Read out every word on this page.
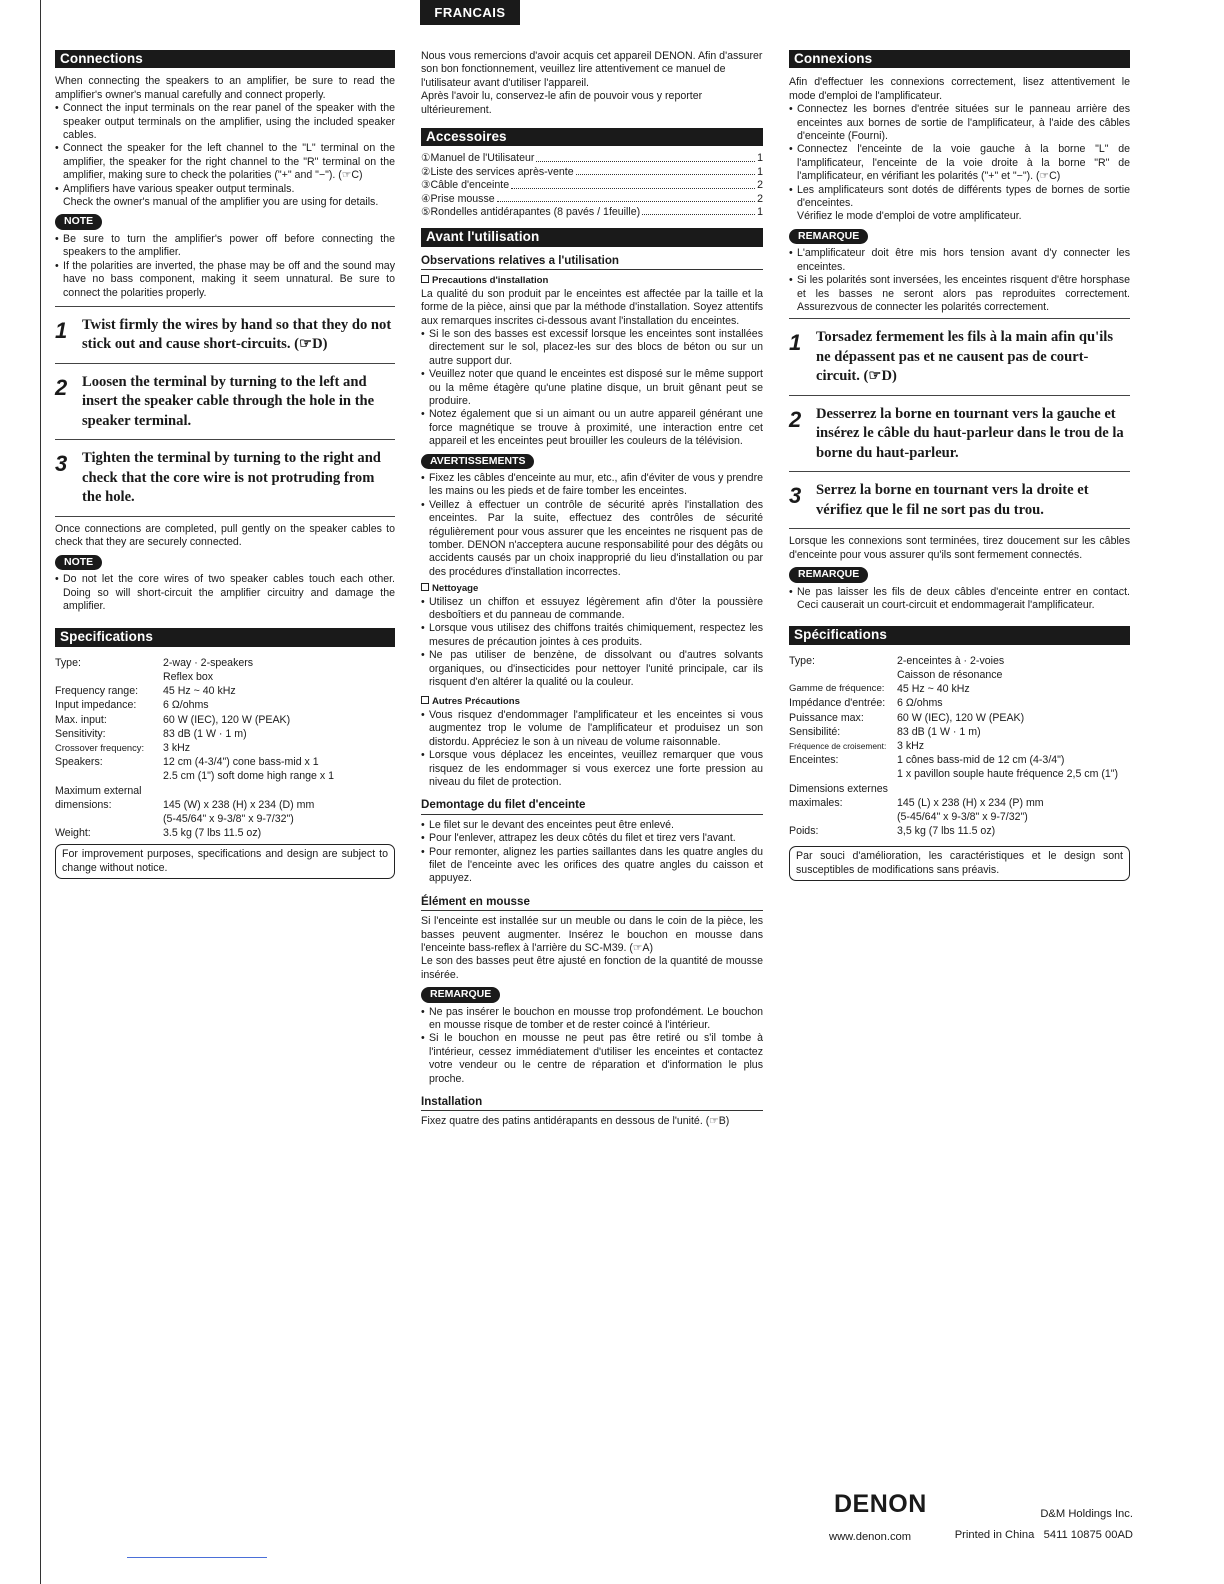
FRANCAIS
Connections

When connecting the speakers to an amplifier, be sure to read the amplifier's owner's manual carefully and connect properly.

• Connect the input terminals on the rear panel of the speaker with the speaker output terminals on the amplifier, using the included speaker cables.
• Connect the speaker for the left channel to the "L" terminal on the amplifier, the speaker for the right channel to the "R" terminal on the amplifier, making sure to check the polarities ("+" and "−"). (☞C)
• Amplifiers have various speaker output terminals.
Check the owner's manual of the amplifier you are using for details.
NOTE
• Be sure to turn the amplifier's power off before connecting the speakers to the amplifier.
• If the polarities are inverted, the phase may be off and the sound may have no bass component, making it seem unnatural. Be sure to connect the polarities properly.
1	Twist firmly the wires by hand so that they do not stick out and cause short-circuits. (☞D)
2	Loosen the terminal by turning to the left and insert the speaker cable through the hole in the speaker terminal.
3	Tighten the terminal by turning to the right and check that the core wire is not protruding from the hole.

Once connections are completed, pull gently on the speaker cables to check that they are securely connected.

NOTE
• Do not let the core wires of two speaker cables touch each other. Doing so will short-circuit the amplifier circuitry and damage the amplifier.
Specifications
Type:	2-way · 2-speakers
Reflex box
Frequency range:	45 Hz ~ 40 kHz
Input impedance:	6 Ω/ohms
Max. input:	60 W (IEC), 120 W (PEAK)
Sensitivity:	83 dB (1 W · 1 m)
Crossover frequency:	3 kHz
Speakers:	12 cm (4-3/4") cone bass-mid x 1
2.5 cm (1") soft dome high range x 1
Maximum external
dimensions:	
145 (W) x 238 (H) x 234 (D) mm
(5-45/64" x 9-3/8" x 9-7/32")
Weight:	3.5 kg (7 lbs 11.5 oz)
For improvement purposes, specifications and design are subject to change without notice.

Nous vous remercions d'avoir acquis cet appareil DENON. Afin d'assurer son bon fonctionnement, veuillez lire attentivement ce manuel de l'utilisateur avant d'utiliser l'appareil.
Après l'avoir lu, conservez-le afin de pouvoir vous y reporter ultérieurement.

Accessoires
①Manuel de l'Utilisateur	1
②Liste des services après-vente	1
③Câble d'enceinte	2
④Prise mousse	2
⑤Rondelles antidérapantes (8 pavés / 1feuille)	1
Avant l'utilisation
Observations relatives a l'utilisation
Precautions d'installation

La qualité du son produit par le enceintes est affectée par la taille et la forme de la pièce, ainsi que par la méthode d'installation. Soyez attentifs aux remarques inscrites ci-dessous avant l'installation du enceintes.

• Si le son des basses est excessif lorsque les enceintes sont installées directement sur le sol, placez-les sur des blocs de béton ou sur un autre support dur.
• Veuillez noter que quand le enceintes est disposé sur le même support ou la même étagère qu'une platine disque, un bruit gênant peut se produire.
• Notez également que si un aimant ou un autre appareil générant une force magnétique se trouve à proximité, une interaction entre cet appareil et les enceintes peut brouiller les couleurs de la télévision.
AVERTISSEMENTS
• Fixez les câbles d'enceinte au mur, etc., afin d'éviter de vous y prendre les mains ou les pieds et de faire tomber les enceintes.
• Veillez à effectuer un contrôle de sécurité après l'installation des enceintes. Par la suite, effectuez des contrôles de sécurité régulièrement pour vous assurer que les enceintes ne risquent pas de tomber. DENON n'acceptera aucune responsabilité pour des dégâts ou accidents causés par un choix inapproprié du lieu d'installation ou par des procédures d'installation incorrectes.
Nettoyage
• Utilisez un chiffon et essuyez légèrement afin d'ôter la poussière desboîtiers et du panneau de commande.
• Lorsque vous utilisez des chiffons traités chimiquement, respectez les mesures de précaution jointes à ces produits.
• Ne pas utiliser de benzène, de dissolvant ou d'autres solvants organiques, ou d'insecticides pour nettoyer l'unité principale, car ils risquent d'en altérer la qualité ou la couleur.
Autres Précautions
• Vous risquez d'endommager l'amplificateur et les enceintes si vous augmentez trop le volume de l'amplificateur et produisez un son distordu. Appréciez le son à un niveau de volume raisonnable.
• Lorsque vous déplacez les enceintes, veuillez remarquer que vous risquez de les endommager si vous exercez une forte pression au niveau du filet de protection.
Demontage du filet d'enceinte
• Le filet sur le devant des enceintes peut être enlevé.
• Pour l'enlever, attrapez les deux côtés du filet et tirez vers l'avant.
• Pour remonter, alignez les parties saillantes dans les quatre angles du filet de l'enceinte avec les orifices des quatre angles du caisson et appuyez.
Élément en mousse

Si l'enceinte est installée sur un meuble ou dans le coin de la pièce, les basses peuvent augmenter. Insérez le bouchon en mousse dans l'enceinte bass-reflex à l'arrière du SC-M39. (☞A)
Le son des basses peut être ajusté en fonction de la quantité de mousse insérée.

REMARQUE
• Ne pas insérer le bouchon en mousse trop profondément. Le bouchon en mousse risque de tomber et de rester coincé à l'intérieur.
• Si le bouchon en mousse ne peut pas être retiré ou s'il tombe à l'intérieur, cessez immédiatement d'utiliser les enceintes et contactez votre vendeur ou le centre de réparation et d'information le plus proche.
Installation

Fixez quatre des patins antidérapants en dessous de l'unité. (☞B)

Connexions

Afin d'effectuer les connexions correctement, lisez attentivement le mode d'emploi de l'amplificateur.

• Connectez les bornes d'entrée situées sur le panneau arrière des enceintes aux bornes de sortie de l'amplificateur, à l'aide des câbles d'enceinte (Fourni).
• Connectez l'enceinte de la voie gauche à la borne "L" de l'amplificateur, l'enceinte de la voie droite à la borne "R" de l'amplificateur, en vérifiant les polarités ("+" et "−"). (☞C)
• Les amplificateurs sont dotés de différents types de bornes de sortie d'enceintes.
Vérifiez le mode d'emploi de votre amplificateur.
REMARQUE
• L'amplificateur doit être mis hors tension avant d'y connecter les enceintes.
• Si les polarités sont inversées, les enceintes risquent d'être horsphase et les basses ne seront alors pas reproduites correctement. Assurezvous de connecter les polarités correctement.
1	Torsadez fermement les fils à la main afin qu'ils ne dépassent pas et ne causent pas de court-circuit. (☞D)
2	Desserrez la borne en tournant vers la gauche et insérez le câble du haut-parleur dans le trou de la borne du haut-parleur.
3	Serrez la borne en tournant vers la droite et vérifiez que le fil ne sort pas du trou.

Lorsque les connexions sont terminées, tirez doucement sur les câbles d'enceinte pour vous assurer qu'ils sont fermement connectés.

REMARQUE
• Ne pas laisser les fils de deux câbles d'enceinte entrer en contact. Ceci causerait un court-circuit et endommagerait l'amplificateur.
Spécifications
Type:	2-enceintes à · 2-voies
Caisson de résonance
Gamme de fréquence:	45 Hz ~ 40 kHz
Impédance d'entrée:	6 Ω/ohms
Puissance max:	60 W (IEC), 120 W (PEAK)
Sensibilité:	83 dB (1 W · 1 m)
Fréquence de croisement:	3 kHz
Enceintes:	1 cônes bass-mid de 12 cm (4-3/4")
1 x pavillon souple haute fréquence 2,5 cm (1")
Dimensions externes
maximales:	
145 (L) x 238 (H) x 234 (P) mm
(5-45/64" x 9-3/8" x 9-7/32")
Poids:	3,5 kg (7 lbs 11.5 oz)
Par souci d'amélioration, les caractéristiques et le design sont susceptibles de modifications sans préavis.
DENON
www.denon.com
D&M Holdings Inc.
Printed in China 5411 10875 00AD
